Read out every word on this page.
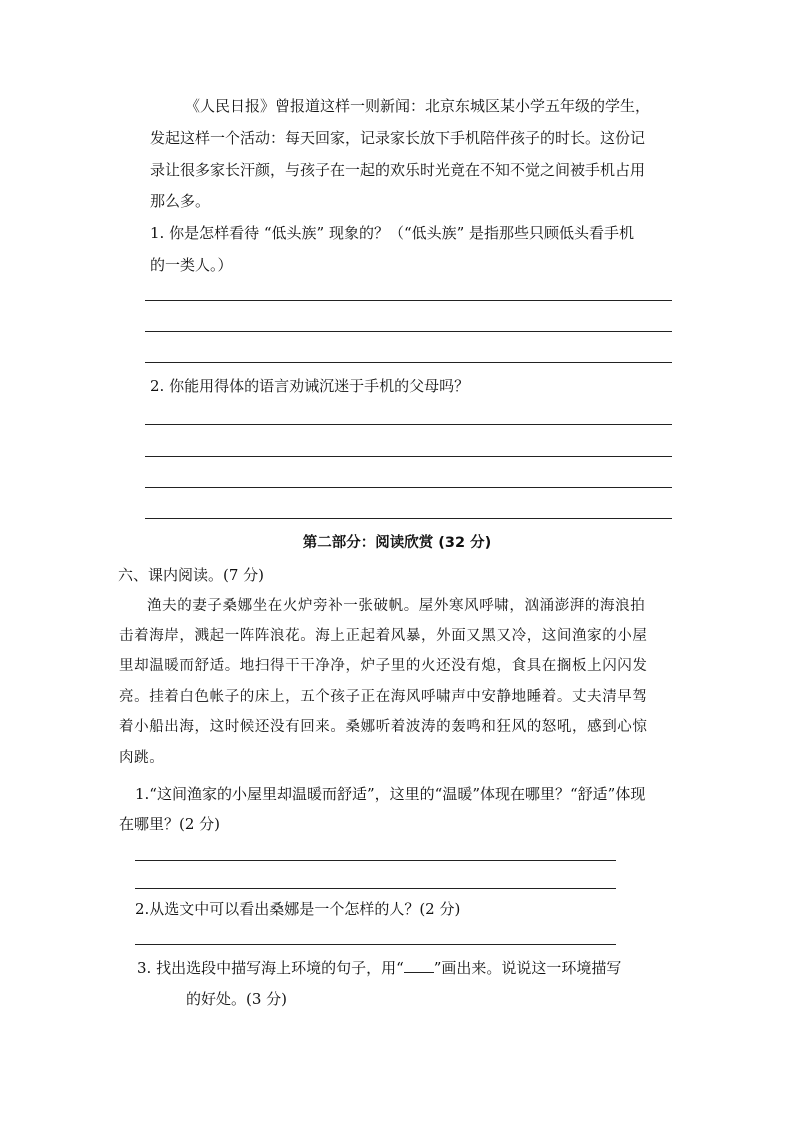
《人民日报》曾报道这样一则新闻：北京东城区某小学五年级的学生，
发起这样一个活动：每天回家，记录家长放下手机陪伴孩子的时长。这份记
录让很多家长汗颜，与孩子在一起的欢乐时光竟在不知不觉之间被手机占用
那么多。
1. 你是怎样看待 “低头族” 现象的？（“低头族” 是指那些只顾低头看手机
的一类人。）
2. 你能用得体的语言劝诫沉迷于手机的父母吗？
第二部分：阅读欣赏 (32 分)
六、课内阅读。(7 分)
渔夫的妻子桑娜坐在火炉旁补一张破帆。屋外寒风呼啸，汹涌澎湃的海浪拍
击着海岸，溅起一阵阵浪花。海上正起着风暴，外面又黑又冷，这间渔家的小屋
里却温暖而舒适。地扫得干干净净，炉子里的火还没有熄，食具在搁板上闪闪发
亮。挂着白色帐子的床上，五个孩子正在海风呼啸声中安静地睡着。丈夫清早驾
着小船出海，这时候还没有回来。桑娜听着波涛的轰鸣和狂风的怒吼，感到心惊
肉跳。
1.“这间渔家的小屋里却温暖而舒适”，这里的“温暖”体现在哪里？“舒适”体现
在哪里？(2 分)
2.从选文中可以看出桑娜是一个怎样的人？(2 分)
3. 找出选段中描写海上环境的句子，用“ ”画出来。说说这一环境描写
的好处。(3 分)
